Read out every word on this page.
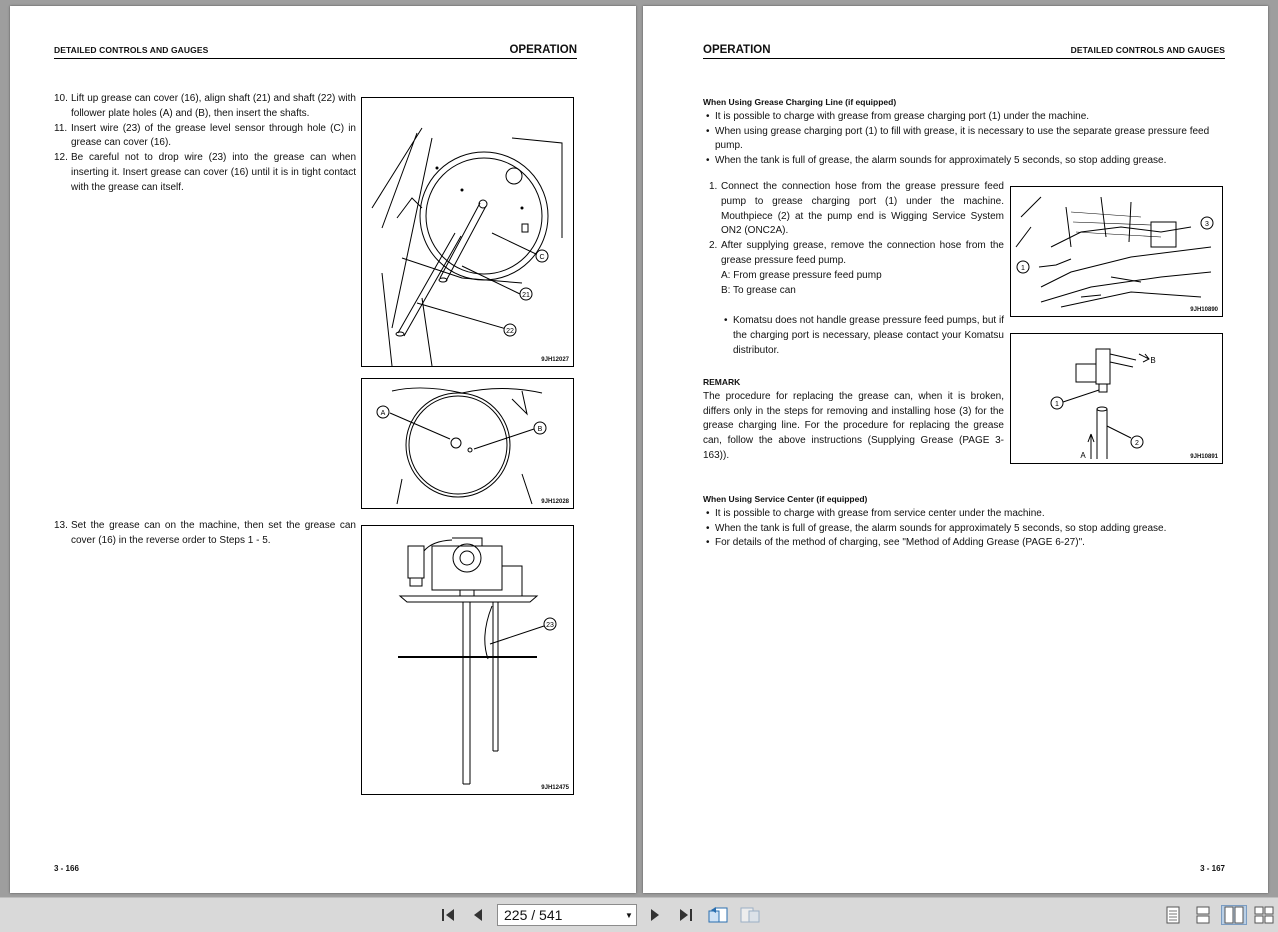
DETAILED CONTROLS AND GAUGES	OPERATION
10. Lift up grease can cover (16), align shaft (21) and shaft (22) with follower plate holes (A) and (B), then insert the shafts.
11. Insert wire (23) of the grease level sensor through hole (C) in grease can cover (16).
12. Be careful not to drop wire (23) into the grease can when inserting it. Insert grease can cover (16) until it is in tight contact with the grease can itself.
13. Set the grease can on the machine, then set the grease can cover (16) in the reverse order to Steps 1 - 5.
C
21
22
9JH12027
A
B
9JH12028
23
9JH12475
3 - 166
OPERATION	DETAILED CONTROLS AND GAUGES
When Using Grease Charging Line (if equipped)
• It is possible to charge with grease from grease charging port (1) under the machine.
• When using grease charging port (1) to fill with grease, it is necessary to use the separate grease pressure feed pump.
• When the tank is full of grease, the alarm sounds for approximately 5 seconds, so stop adding grease.
1. Connect the connection hose from the grease pressure feed pump to grease charging port (1) under the machine. Mouthpiece (2) at the pump end is Wigging Service System ON2 (ONC2A).
2. After supplying grease, remove the connection hose from the grease pressure feed pump.
A: From grease pressure feed pump
B: To grease can
• Komatsu does not handle grease pressure feed pumps, but if the charging port is necessary, please contact your Komatsu distributor.
REMARK
The procedure for replacing the grease can, when it is broken, differs only in the steps for removing and installing hose (3) for the grease charging line. For the procedure for replacing the grease can, follow the above instructions (Supplying Grease (PAGE 3-163)).
When Using Service Center (if equipped)
• It is possible to charge with grease from service center under the machine.
• When the tank is full of grease, the alarm sounds for approximately 5 seconds, so stop adding grease.
• For details of the method of charging, see "Method of Adding Grease (PAGE 6-27)".
1
3
9JH10890
1
2
A
B
9JH10891
3 - 167
225 / 541	▼
